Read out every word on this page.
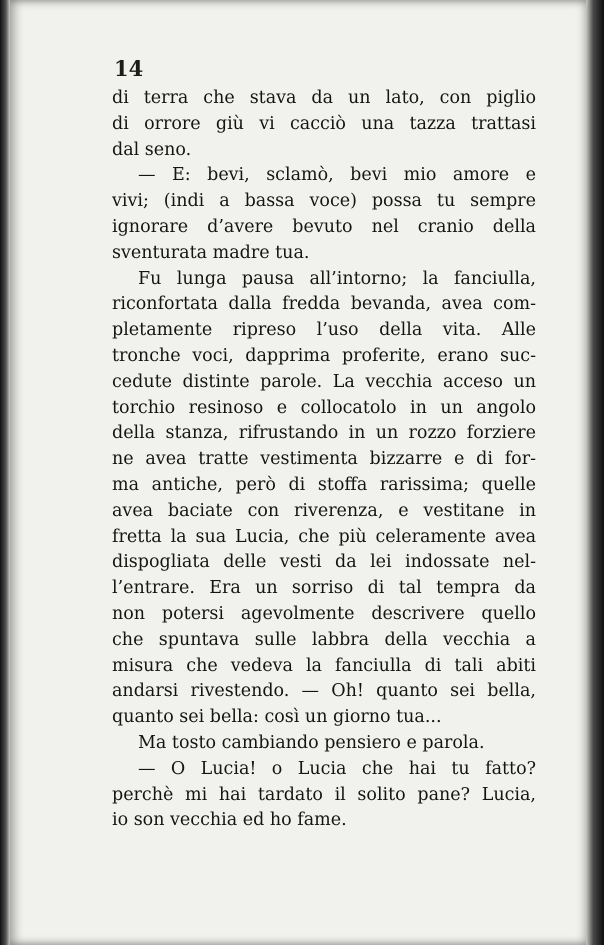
14
di terra che stava da un lato, con piglio
di orrore giù vi cacciò una tazza trattasi
dal seno.
— E: bevi, sclamò, bevi mio amore e
vivi; (indi a bassa voce) possa tu sempre
ignorare d’avere bevuto nel cranio della
sventurata madre tua.
Fu lunga pausa all’intorno; la fanciulla,
riconfortata dalla fredda bevanda, avea com-
pletamente ripreso l’uso della vita. Alle
tronche voci, dapprima proferite, erano suc-
cedute distinte parole. La vecchia acceso un
torchio resinoso e collocatolo in un angolo
della stanza, rifrustando in un rozzo forziere
ne avea tratte vestimenta bizzarre e di for-
ma antiche, però di stoffa rarissima; quelle
avea baciate con riverenza, e vestitane in
fretta la sua Lucia, che più celeramente avea
dispogliata delle vesti da lei indossate nel-
l’entrare. Era un sorriso di tal tempra da
non potersi agevolmente descrivere quello
che spuntava sulle labbra della vecchia a
misura che vedeva la fanciulla di tali abiti
andarsi rivestendo. — Oh! quanto sei bella,
quanto sei bella: così un giorno tua...
Ma tosto cambiando pensiero e parola.
— O Lucia! o Lucia che hai tu fatto?
perchè mi hai tardato il solito pane? Lucia,
io son vecchia ed ho fame.
